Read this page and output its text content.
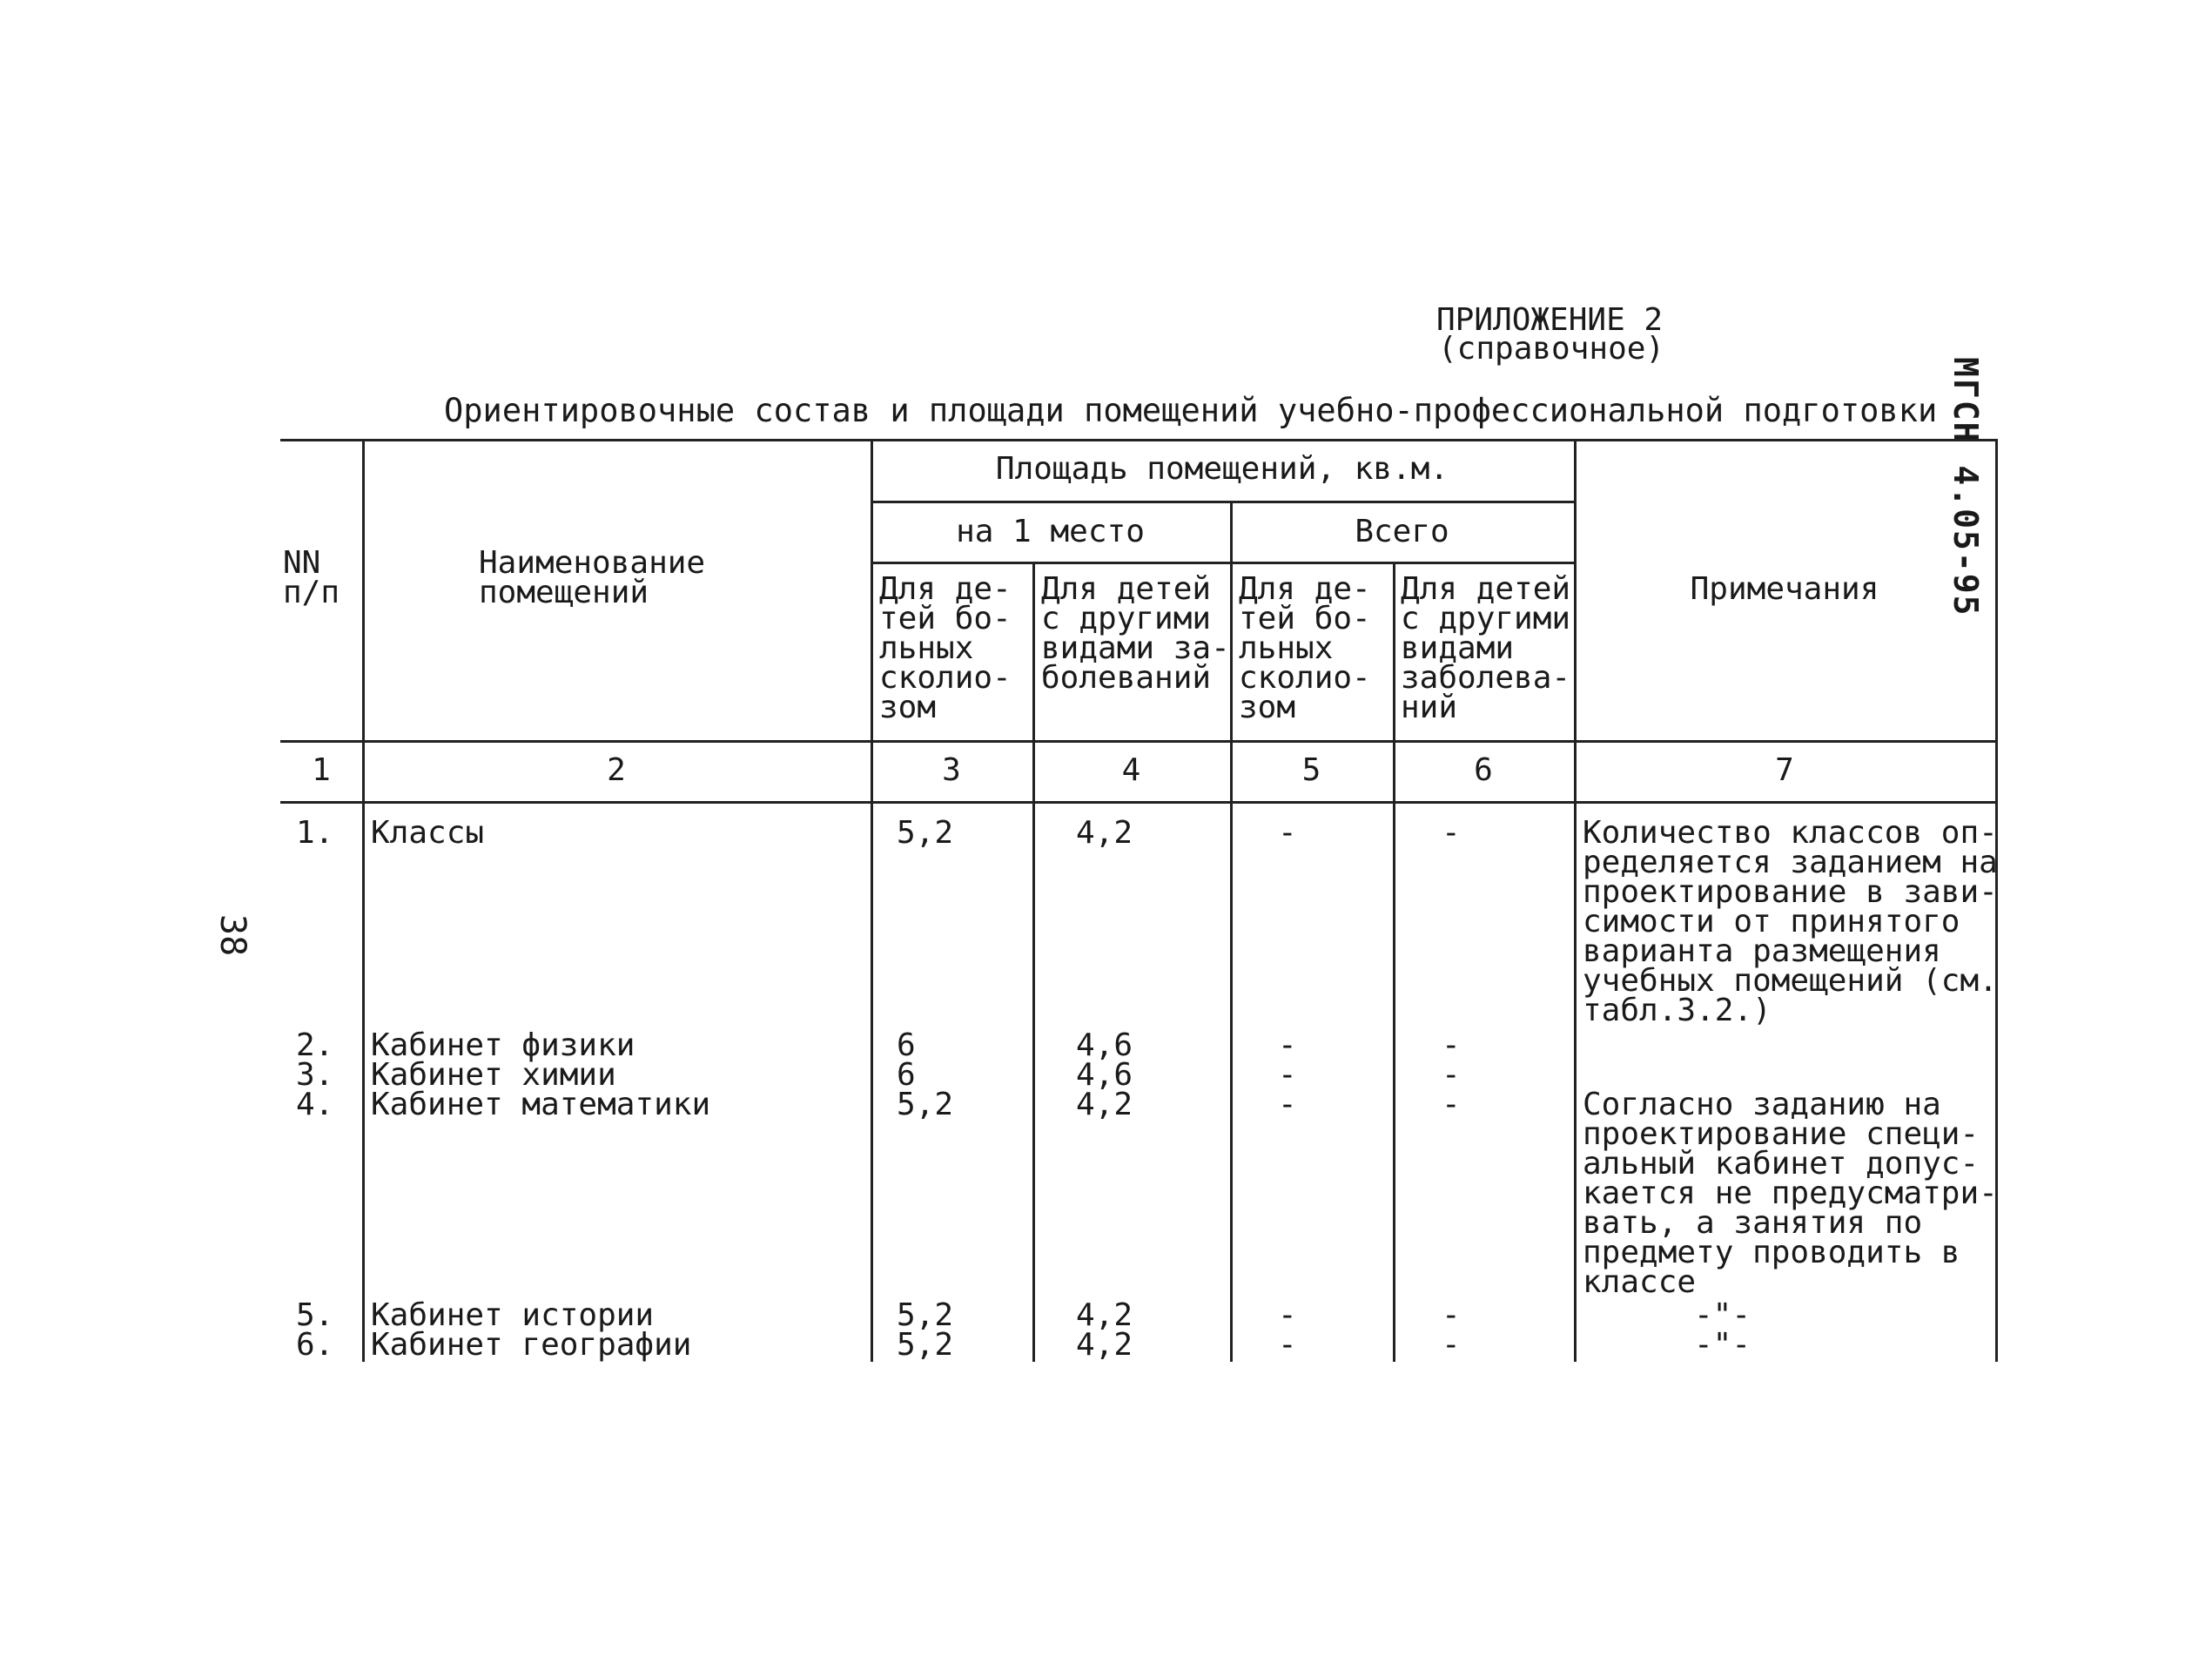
ПРИЛОЖЕНИЕ 2
(справочное)
МГСН 4.05-95
38
Ориентировочные состав и площади помещений учебно-профессиональной подготовки
NN
п/п
Наименование
помещений
Площадь помещений, кв.м.
на 1 место	Всего
Для де-
тей бо-
льных
сколио-
зом
Для детей
с другими
видами за-
болеваний
Для де-
тей бо-
льных
сколио-
зом
Для детей
с другими
видами
заболева-
ний
Примечания
1	2	3	4	5	6	7
1. Классы	5,2	4,2	-	-	Количество классов оп-
ределяется заданием на
проектирование в зави-
симости от принятого
варианта размещения
учебных помещений (см.
табл.3.2.)
2. Кабинет физики	6	4,6	-	-
3. Кабинет химии	6	4,6	-	-
4. Кабинет математики	5,2	4,2	-	-	Согласно заданию на
проектирование специ-
альный кабинет допус-
кается не предусматри-
вать, а занятия по
предмету проводить в
классе
5. Кабинет истории	5,2	4,2	-	-	-"-
6. Кабинет географии	5,2	4,2	-	-	-"-
